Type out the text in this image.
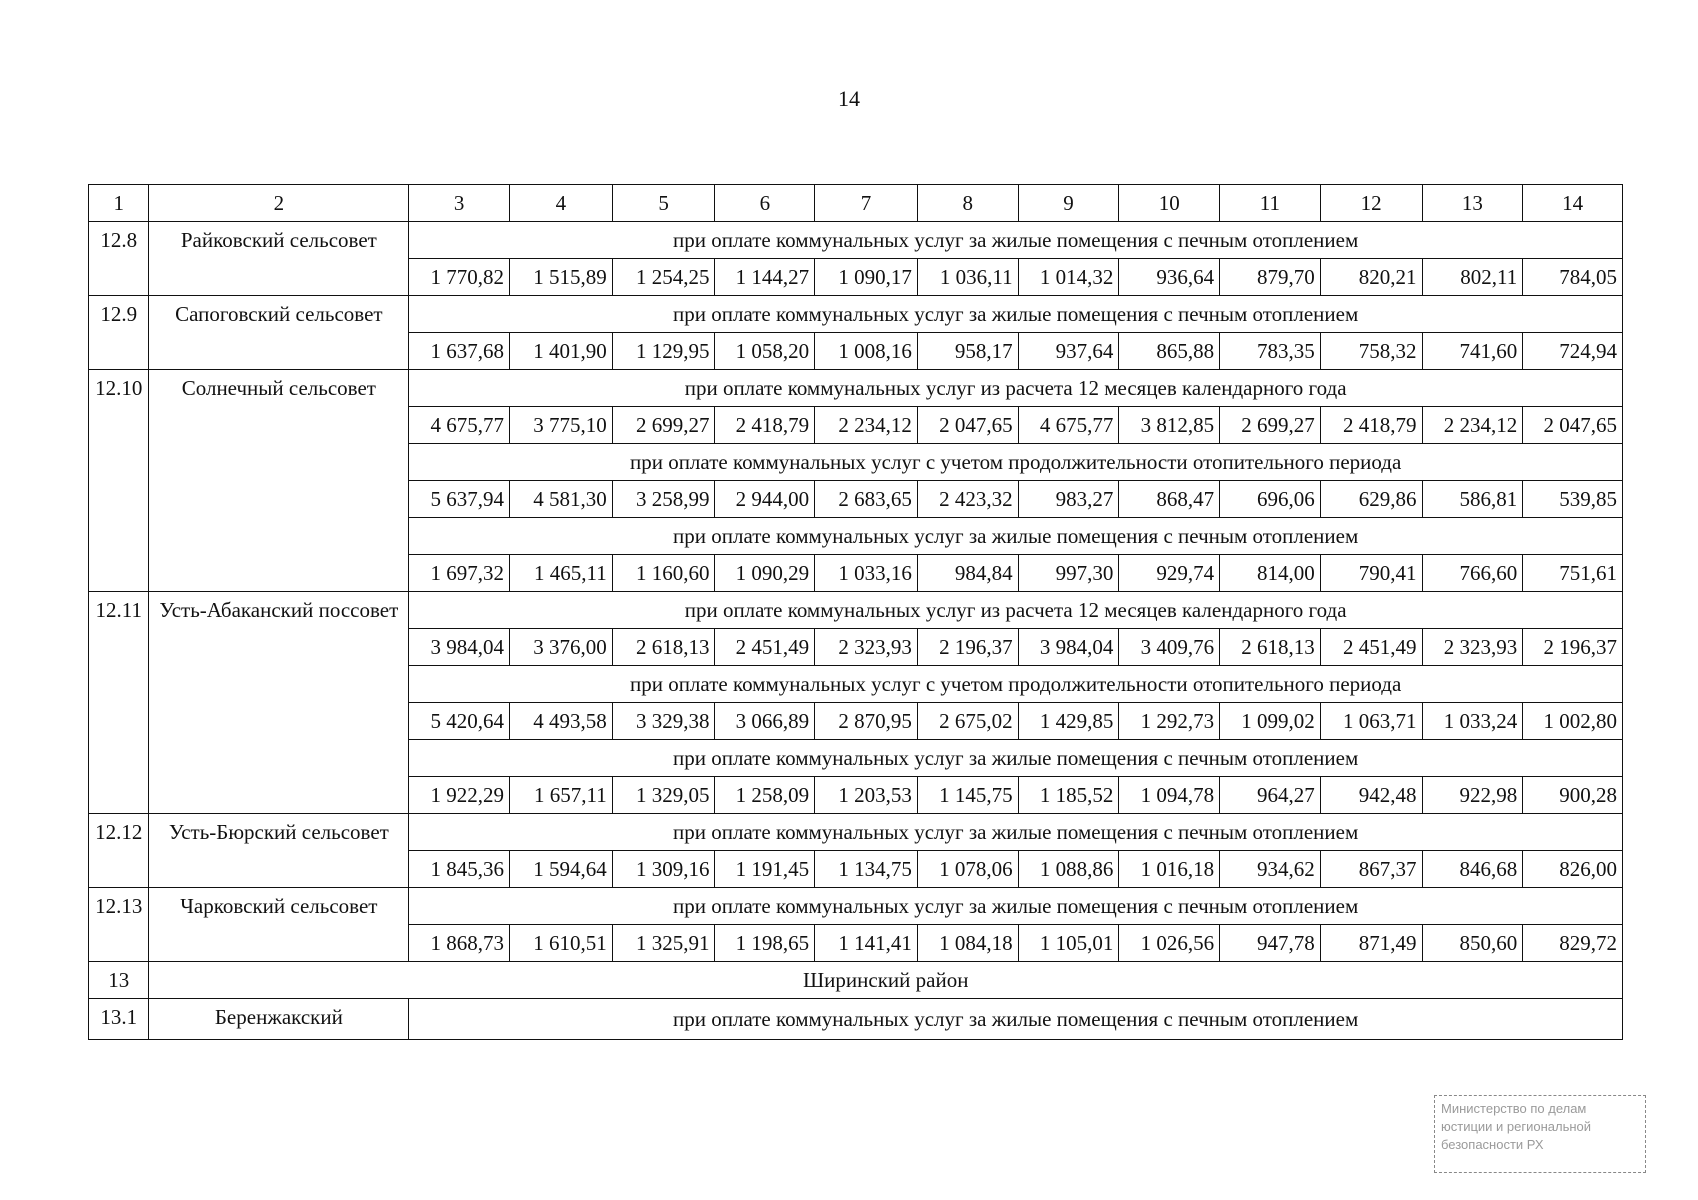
14
1	2	3	4	5	6	7	8	9	10	11	12	13	14
12.8	Райковский сельсовет	при оплате коммунальных услуг за жилые помещения с печным отоплением											
		1 770,82	1 515,89	1 254,25	1 144,27	1 090,17	1 036,11	1 014,32	936,64	879,70	820,21	802,11	784,05
12.9	Сапоговский сельсовет	при оплате коммунальных услуг за жилые помещения с печным отоплением											
		1 637,68	1 401,90	1 129,95	1 058,20	1 008,16	958,17	937,64	865,88	783,35	758,32	741,60	724,94
12.10	Солнечный сельсовет	при оплате коммунальных услуг из расчета 12 месяцев календарного года											
		4 675,77	3 775,10	2 699,27	2 418,79	2 234,12	2 047,65	4 675,77	3 812,85	2 699,27	2 418,79	2 234,12	2 047,65
		при оплате коммунальных услуг с учетом продолжительности отопительного периода											
		5 637,94	4 581,30	3 258,99	2 944,00	2 683,65	2 423,32	983,27	868,47	696,06	629,86	586,81	539,85
		при оплате коммунальных услуг за жилые помещения с печным отоплением											
		1 697,32	1 465,11	1 160,60	1 090,29	1 033,16	984,84	997,30	929,74	814,00	790,41	766,60	751,61
12.11	Усть-Абаканский поссовет	при оплате коммунальных услуг из расчета 12 месяцев календарного года											
		3 984,04	3 376,00	2 618,13	2 451,49	2 323,93	2 196,37	3 984,04	3 409,76	2 618,13	2 451,49	2 323,93	2 196,37
		при оплате коммунальных услуг с учетом продолжительности отопительного периода											
		5 420,64	4 493,58	3 329,38	3 066,89	2 870,95	2 675,02	1 429,85	1 292,73	1 099,02	1 063,71	1 033,24	1 002,80
		при оплате коммунальных услуг за жилые помещения с печным отоплением											
		1 922,29	1 657,11	1 329,05	1 258,09	1 203,53	1 145,75	1 185,52	1 094,78	964,27	942,48	922,98	900,28
12.12	Усть-Бюрский сельсовет	при оплате коммунальных услуг за жилые помещения с печным отоплением											
		1 845,36	1 594,64	1 309,16	1 191,45	1 134,75	1 078,06	1 088,86	1 016,18	934,62	867,37	846,68	826,00
12.13	Чарковский сельсовет	при оплате коммунальных услуг за жилые помещения с печным отоплением											
		1 868,73	1 610,51	1 325,91	1 198,65	1 141,41	1 084,18	1 105,01	1 026,56	947,78	871,49	850,60	829,72
13	Ширинский район												
13.1	Беренжакский	при оплате коммунальных услуг за жилые помещения с печным отоплением											
Министерство по делам
юстиции и региональной
безопасности РХ
